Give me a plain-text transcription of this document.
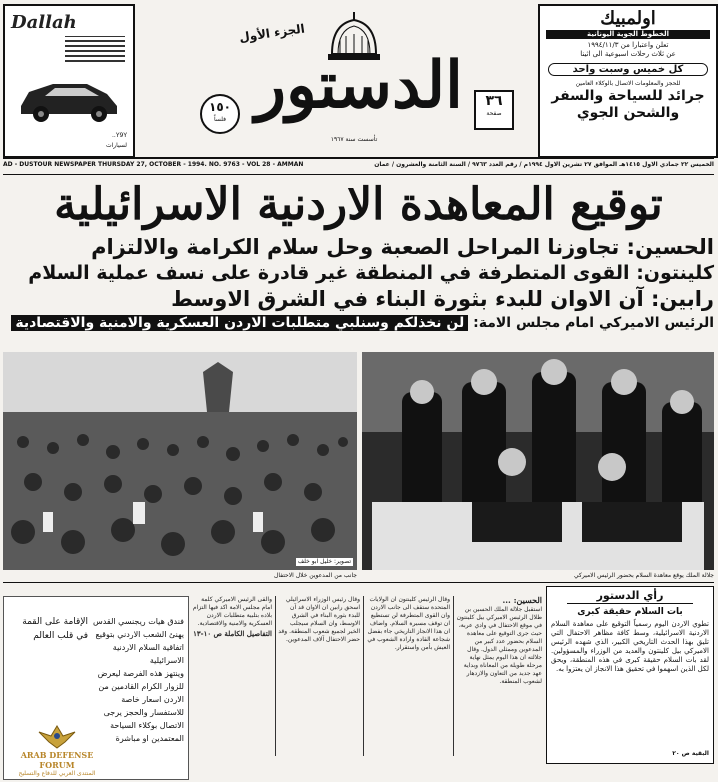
Dallah
Y9Y..
لسيارات
الجزء الأول
الدستور	٣٦
صفحة
١٥٠
فلساً
تأسست سنة ١٩٦٧
اولمبيك
الخطوط الجوية اليونانية
تعلن واعتبارا من ١٩٩٤/١١/٣
عن ثلاث رحلات اسبوعية الى اثينا
كل خميس وسبت واحد
للحجز والمعلومات الاتصال بالوكلاء العامين
جرائد للسياحة والسفر
والشحن الجوي
AD - DUSTOUR NEWSPAPER THURSDAY 27, OCTOBER - 1994. NO. 9763 - VOL 28 - AMMAN	الخميس ٢٢ جمادي الاول ١٤١٥هـ الموافق ٢٧ تشرين الاول ١٩٩٤م / رقم العدد ٩٧٦٣ / السنة الثامنة والعشرون / عمان
توقيع المعاهدة الاردنية الاسرائيلية
الحسين: تجاوزنا المراحل الصعبة وحل سلام الكرامة والالتزام
كلينتون: القوى المتطرفة في المنطقة غير قادرة على نسف عملية السلام
رابين: آن الاوان للبدء بثورة البناء في الشرق الاوسط
الرئيس الاميركي امام مجلس الامة: لن نخذلكم وسنلبي متطلبات الاردن العسكرية والامنية والاقتصادية
تصوير: خليل ابو خلف
جانب من المدعوين خلال الاحتفال	جلالة الملك يوقع معاهدة السلام بحضور الرئيس الاميركي
رأي الدستور
بات السلام حقيقة كبرى
تطوي الاردن اليوم رسمياً التوقيع على معاهدة السلام الاردنية الاسرائيلية، وسط كافة مظاهر الاحتفال التي تليق بهذا الحدث التاريخي الكبير، الذي شهده الرئيس الاميركي بيل كلينتون والعديد من الوزراء والمسؤولين. لقد بات السلام حقيقة كبرى في هذه المنطقة، ويحق لكل الذين اسهموا في تحقيق هذا الانجاز ان يعتزوا به.
البقية ص ٢٠

الحسين: ...

استقبل جلالة الملك الحسين بن طلال الرئيس الاميركي بيل كلينتون في موقع الاحتفال في وادي عربة، حيث جرى التوقيع على معاهدة السلام بحضور عدد كبير من المدعوين وممثلي الدول. وقال جلالته ان هذا اليوم يمثل نهاية مرحلة طويلة من المعاناة وبداية عهد جديد من التعاون والازدهار لشعوب المنطقة.

وقال الرئيس كلينتون ان الولايات المتحدة ستقف الى جانب الاردن وان القوى المتطرفة لن تستطيع ان توقف مسيرة السلام. واضاف ان هذا الانجاز التاريخي جاء بفضل شجاعة القادة وارادة الشعوب في العيش بأمن واستقرار.

وقال رئيس الوزراء الاسرائيلي اسحق رابين ان الاوان قد آن للبدء بثورة البناء في الشرق الاوسط، وان السلام سيجلب الخير لجميع شعوب المنطقة. وقد حضر الاحتفال آلاف المدعوين.

والقى الرئيس الاميركي كلمة امام مجلس الامة اكد فيها التزام بلاده بتلبية متطلبات الاردن العسكرية والامنية والاقتصادية.

التفاصيل الكاملة ص ١٠-١٣

فندق هيات ريجنسي القدس
يهنئ الشعب الاردني بتوقيع
اتفاقية السلام الاردنية
الاسرائيلية
وينتهز هذه الفرصة ليعرض
للزوار الكرام القادمين من
الاردن اسعار خاصة
للاستفسار والحجز يرجى
الاتصال بوكلاء السياحة
المعتمدين او مباشرة
الإقامة على القمة
في قلب العالم
ARAB DEFENSE FORUM
المنتدى العربي للدفاع والتسليح
